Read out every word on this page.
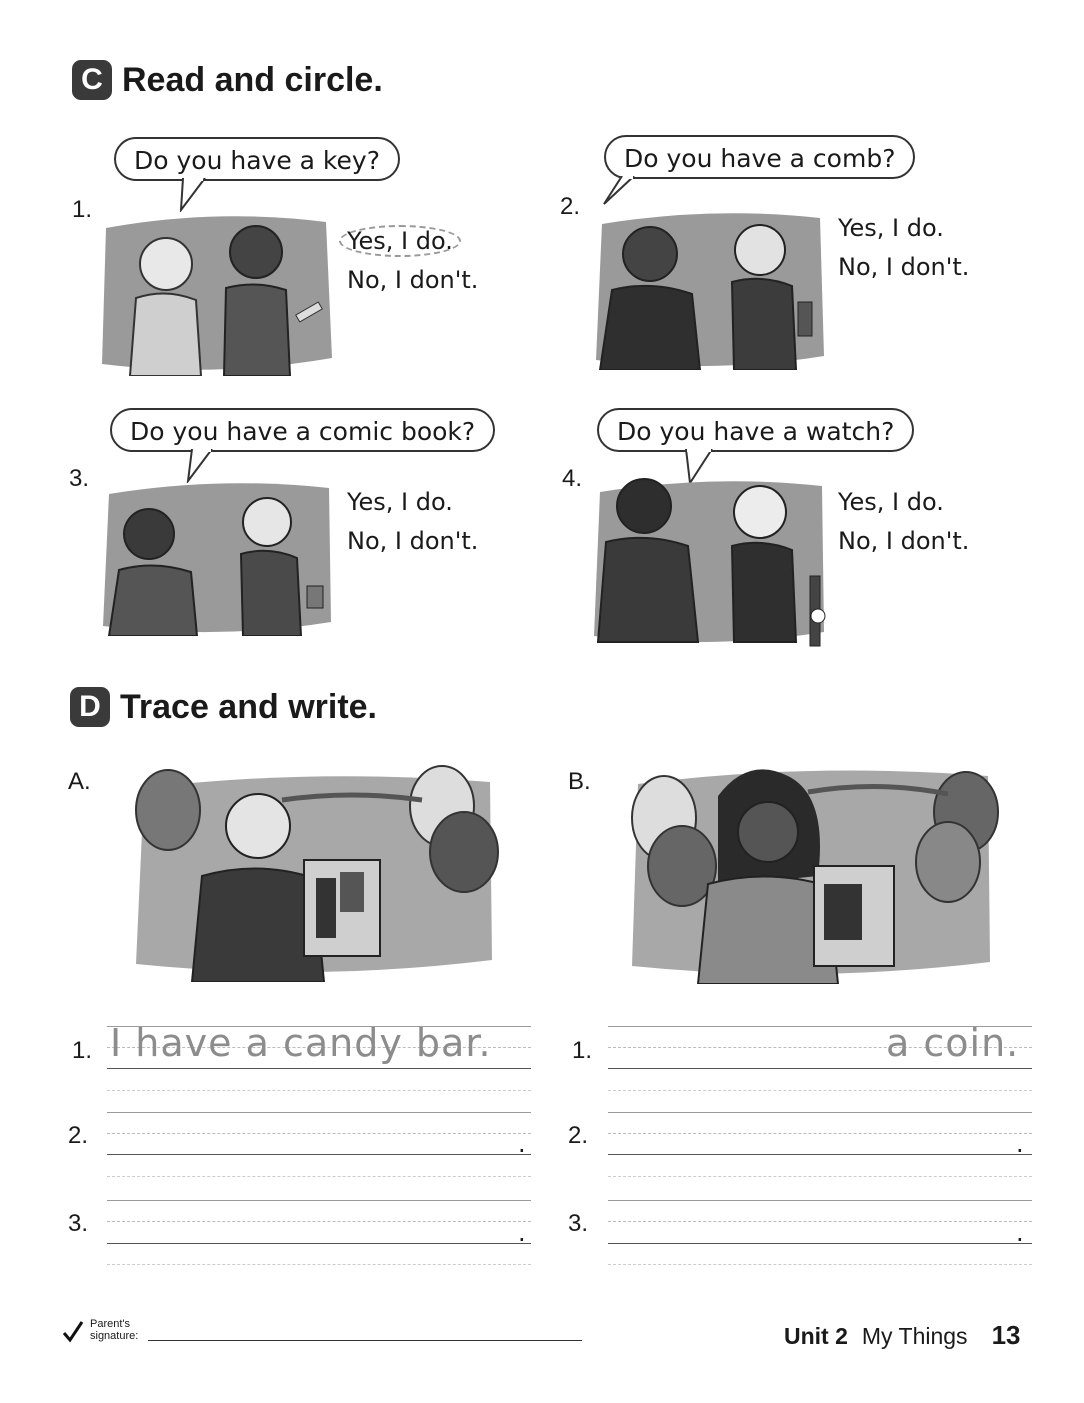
C Read and circle.
1.
Do you have a key?
Yes, I do.
No, I don't.
2.
Do you have a comb?
Yes, I do.
No, I don't.
3.
Do you have a comic book?
Yes, I do.
No, I don't.
4.
Do you have a watch?
Yes, I do.
No, I don't.
D Trace and write.
A.	B.
1. I have a candy bar.
2.	.
3.	.
1.	a coin.
2.	.
3.	.
Parent's
signature:	Unit 2 My Things 13
